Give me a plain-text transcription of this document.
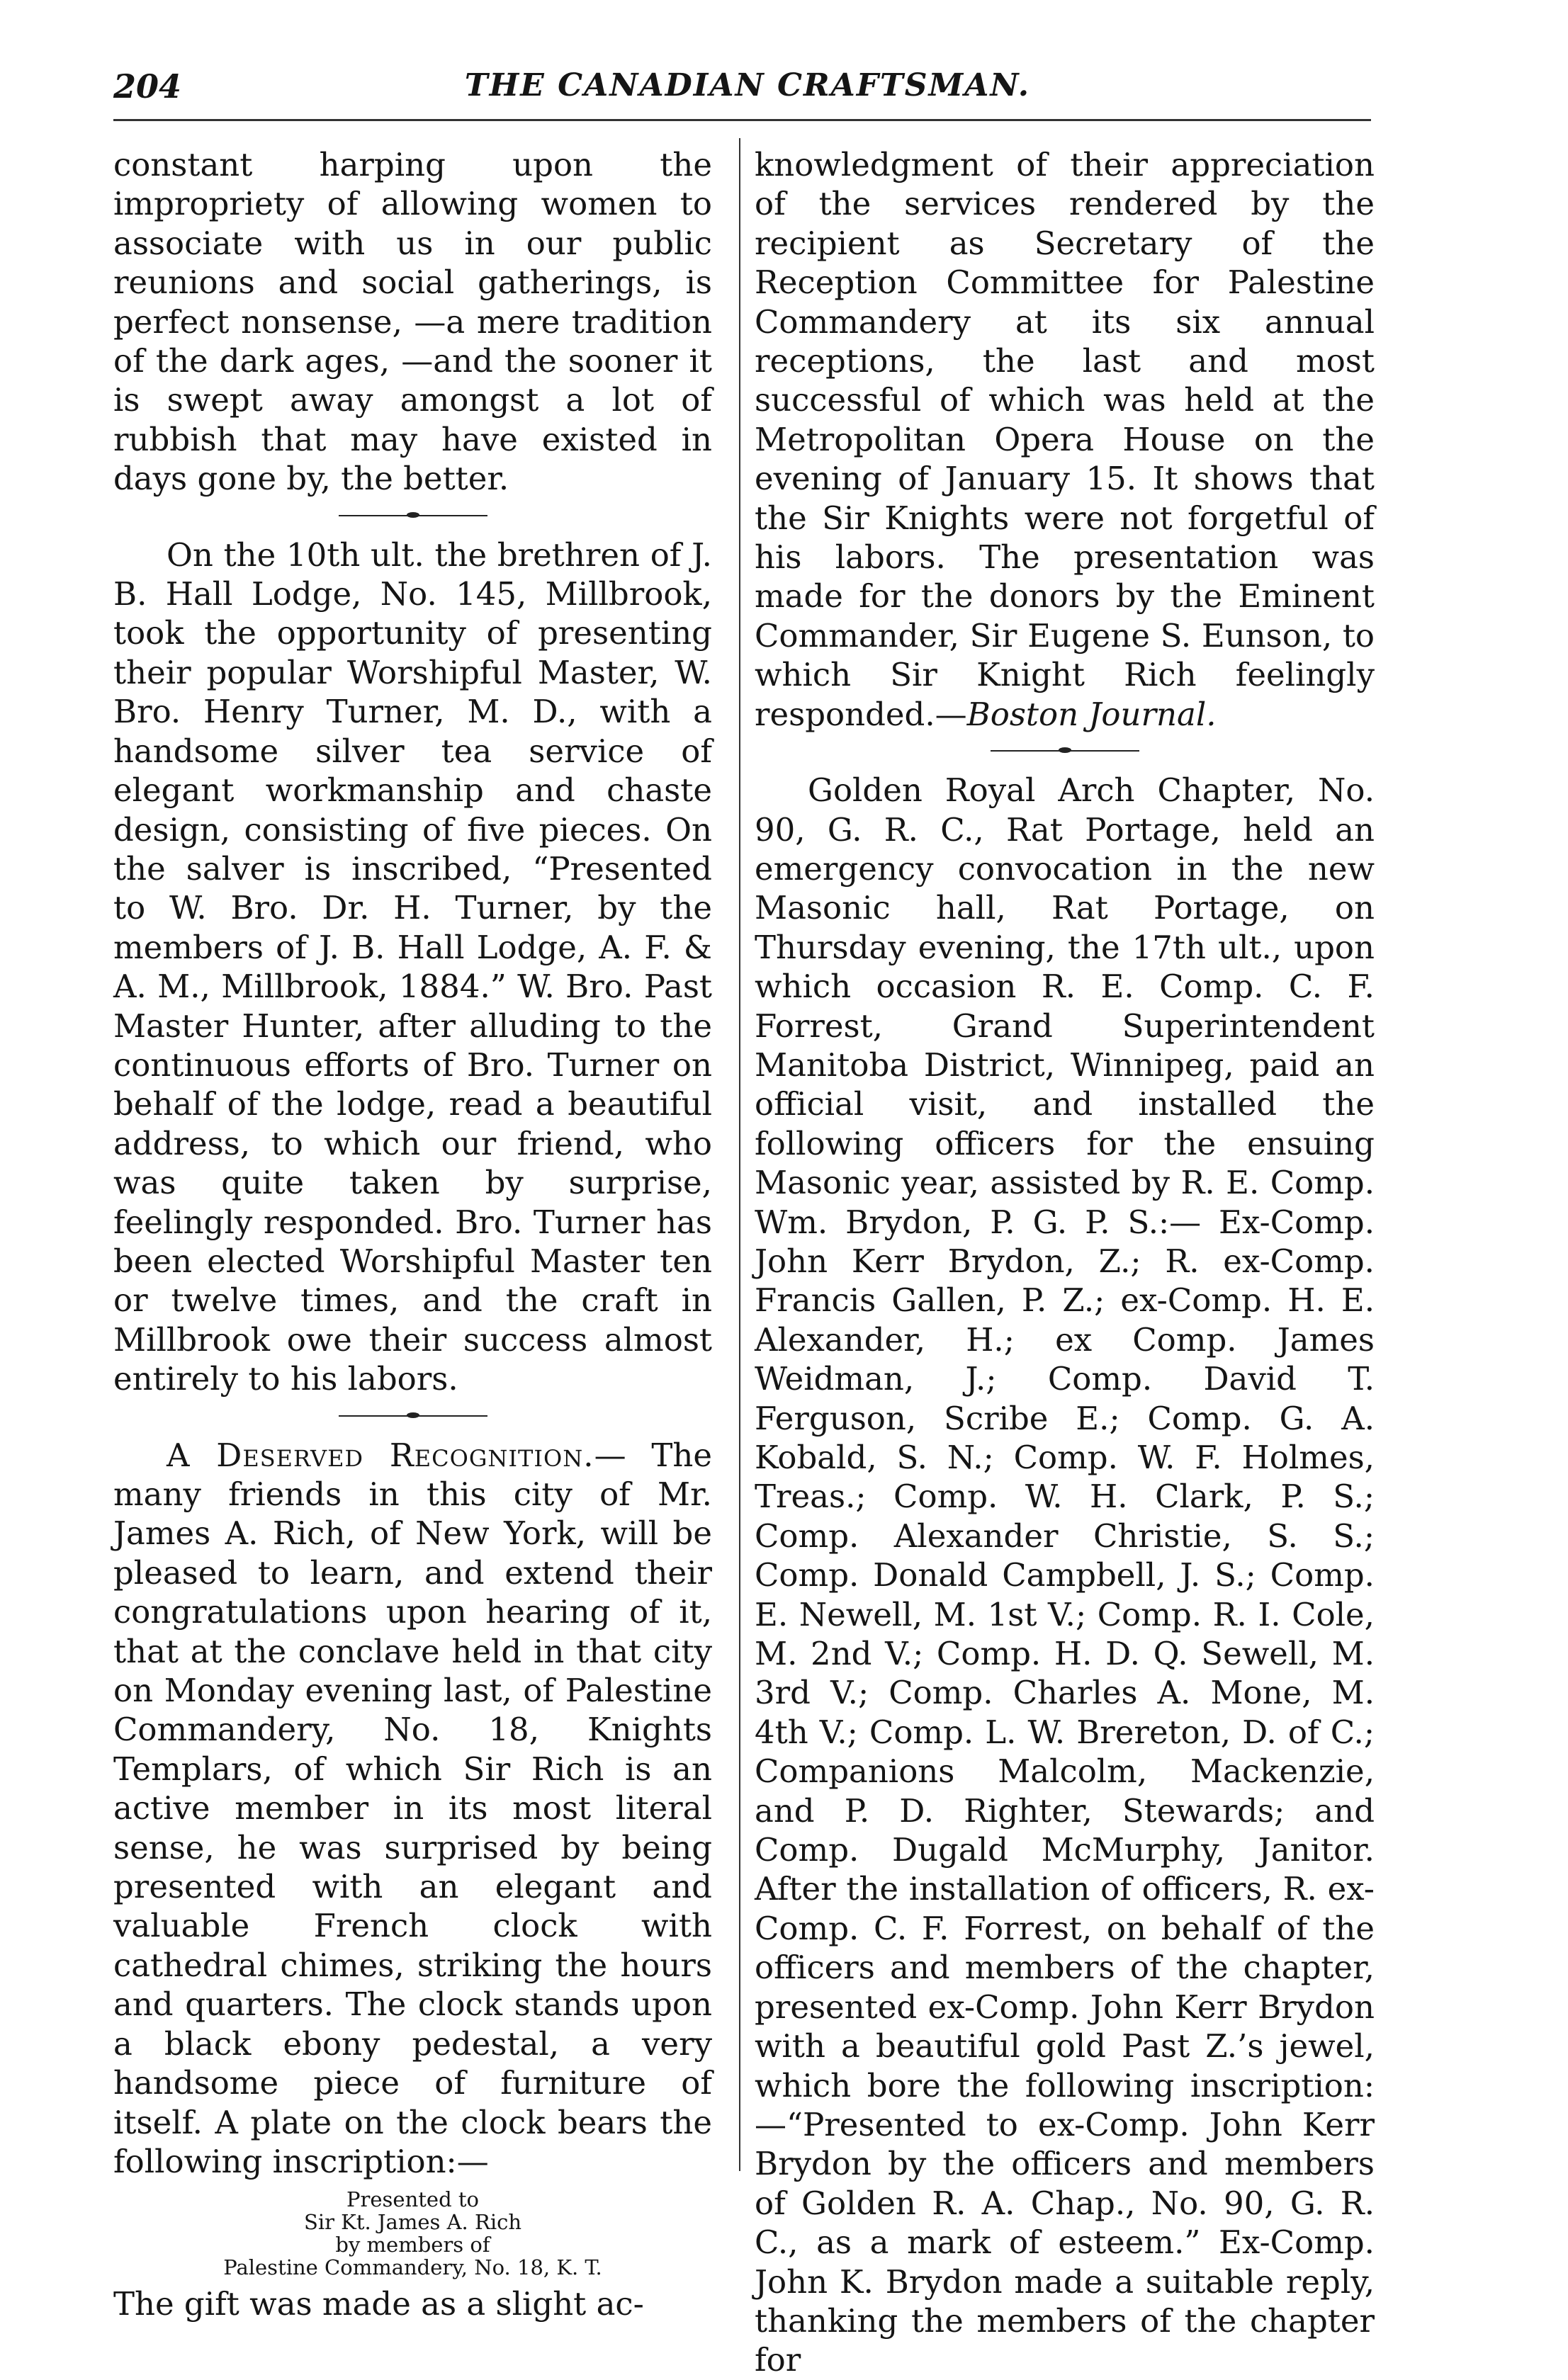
204	THE CANADIAN CRAFTSMAN.

constant harping upon the impropriety of allowing women to associate with us in our public reunions and social gatherings, is perfect nonsense, —a mere tradition of the dark ages, —and the sooner it is swept away amongst a lot of rubbish that may have existed in days gone by, the better.

On the 10th ult. the brethren of J. B. Hall Lodge, No. 145, Millbrook, took the opportunity of presenting their popular Worshipful Master, W. Bro. Henry Turner, M. D., with a handsome silver tea service of elegant workmanship and chaste design, consisting of five pieces. On the salver is inscribed, “Presented to W. Bro. Dr. H. Turner, by the members of J. B. Hall Lodge, A. F. & A. M., Millbrook, 1884.” W. Bro. Past Master Hunter, after alluding to the continuous efforts of Bro. Turner on behalf of the lodge, read a beautiful address, to which our friend, who was quite taken by surprise, feelingly responded. Bro. Turner has been elected Worshipful Master ten or twelve times, and the craft in Millbrook owe their success almost entirely to his labors.

A Deserved Recognition.— The many friends in this city of Mr. James A. Rich, of New York, will be pleased to learn, and extend their congratulations upon hearing of it, that at the conclave held in that city on Monday evening last, of Palestine Commandery, No. 18, Knights Templars, of which Sir Rich is an active member in its most literal sense, he was surprised by being presented with an elegant and valuable French clock with cathedral chimes, striking the hours and quarters. The clock stands upon a black ebony pedestal, a very handsome piece of furniture of itself. A plate on the clock bears the following inscription:—

Presented to
Sir Kt. James A. Rich
by members of
Palestine Commandery, No. 18, K. T.

The gift was made as a slight ac-

knowledgment of their appreciation of the services rendered by the recipient as Secretary of the Reception Committee for Palestine Commandery at its six annual receptions, the last and most successful of which was held at the Metropolitan Opera House on the evening of January 15. It shows that the Sir Knights were not forgetful of his labors. The presentation was made for the donors by the Eminent Commander, Sir Eugene S. Eunson, to which Sir Knight Rich feelingly responded.—Boston Journal.

Golden Royal Arch Chapter, No. 90, G. R. C., Rat Portage, held an emergency convocation in the new Masonic hall, Rat Portage, on Thursday evening, the 17th ult., upon which occasion R. E. Comp. C. F. Forrest, Grand Superintendent Manitoba District, Winnipeg, paid an official visit, and installed the following officers for the ensuing Masonic year, assisted by R. E. Comp. Wm. Brydon, P. G. P. S.:— Ex-Comp. John Kerr Brydon, Z.; R. ex-Comp. Francis Gallen, P. Z.; ex-Comp. H. E. Alexander, H.; ex Comp. James Weidman, J.; Comp. David T. Ferguson, Scribe E.; Comp. G. A. Kobald, S. N.; Comp. W. F. Holmes, Treas.; Comp. W. H. Clark, P. S.; Comp. Alexander Christie, S. S.; Comp. Donald Campbell, J. S.; Comp. E. Newell, M. 1st V.; Comp. R. I. Cole, M. 2nd V.; Comp. H. D. Q. Sewell, M. 3rd V.; Comp. Charles A. Mone, M. 4th V.; Comp. L. W. Brereton, D. of C.; Companions Malcolm, Mackenzie, and P. D. Righter, Stewards; and Comp. Dugald McMurphy, Janitor. After the installation of officers, R. ex-Comp. C. F. Forrest, on behalf of the officers and members of the chapter, presented ex-Comp. John Kerr Brydon with a beautiful gold Past Z.’s jewel, which bore the following inscription:—“Presented to ex-Comp. John Kerr Brydon by the officers and members of Golden R. A. Chap., No. 90, G. R. C., as a mark of esteem.” Ex-Comp. John K. Brydon made a suitable reply, thanking the members of the chapter for
